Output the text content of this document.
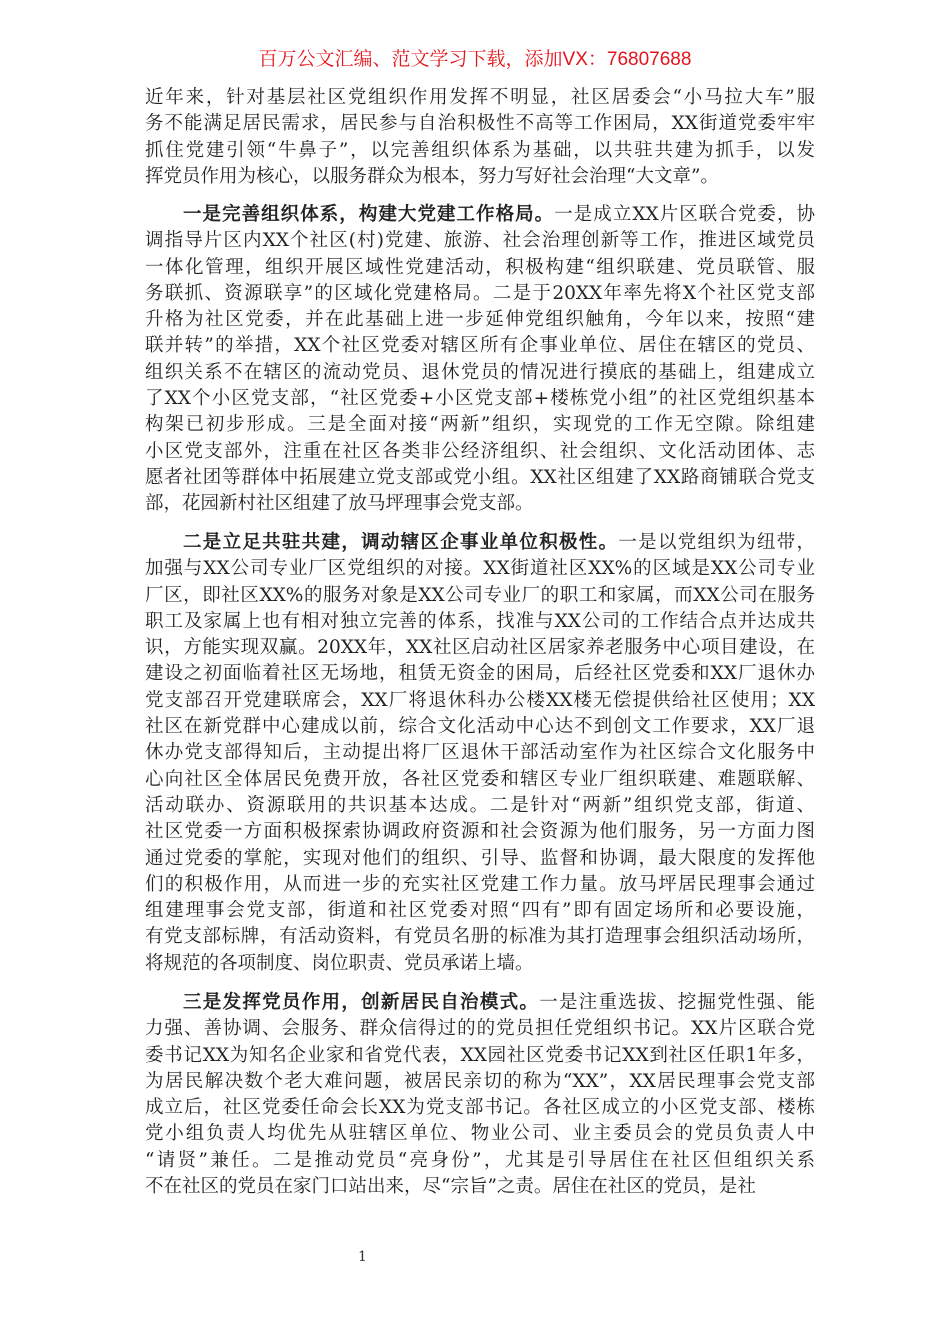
百万公文汇编、范文学习下载，添加VX：76807688
近年来，针对基层社区党组织作用发挥不明显，社区居委会“小马拉大车”服
务不能满足居民需求，居民参与自治积极性不高等工作困局，XX街道党委牢牢
抓住党建引领“牛鼻子”，以完善组织体系为基础，以共驻共建为抓手，以发
挥党员作用为核心，以服务群众为根本，努力写好社会治理“大文章”。
一是完善组织体系，构建大党建工作格局。一是成立XX片区联合党委，协
调指导片区内XX个社区(村)党建、旅游、社会治理创新等工作，推进区域党员
一体化管理，组织开展区域性党建活动，积极构建“组织联建、党员联管、服
务联抓、资源联享”的区域化党建格局。二是于20XX年率先将X个社区党支部
升格为社区党委，并在此基础上进一步延伸党组织触角，今年以来，按照“建
联并转”的举措，XX个社区党委对辖区所有企事业单位、居住在辖区的党员、
组织关系不在辖区的流动党员、退休党员的情况进行摸底的基础上，组建成立
了XX个小区党支部，“社区党委+小区党支部+楼栋党小组”的社区党组织基本
构架已初步形成。三是全面对接“两新”组织，实现党的工作无空隙。除组建
小区党支部外，注重在社区各类非公经济组织、社会组织、文化活动团体、志
愿者社团等群体中拓展建立党支部或党小组。XX社区组建了XX路商铺联合党支
部，花园新村社区组建了放马坪理事会党支部。
二是立足共驻共建，调动辖区企事业单位积极性。一是以党组织为纽带，
加强与XX公司专业厂区党组织的对接。XX街道社区XX%的区域是XX公司专业
厂区，即社区XX%的服务对象是XX公司专业厂的职工和家属，而XX公司在服务
职工及家属上也有相对独立完善的体系，找准与XX公司的工作结合点并达成共
识，方能实现双赢。20XX年，XX社区启动社区居家养老服务中心项目建设，在
建设之初面临着社区无场地，租赁无资金的困局，后经社区党委和XX厂退休办
党支部召开党建联席会，XX厂将退休科办公楼XX楼无偿提供给社区使用；XX
社区在新党群中心建成以前，综合文化活动中心达不到创文工作要求，XX厂退
休办党支部得知后，主动提出将厂区退休干部活动室作为社区综合文化服务中
心向社区全体居民免费开放，各社区党委和辖区专业厂组织联建、难题联解、
活动联办、资源联用的共识基本达成。二是针对“两新”组织党支部，街道、
社区党委一方面积极探索协调政府资源和社会资源为他们服务，另一方面力图
通过党委的掌舵，实现对他们的组织、引导、监督和协调，最大限度的发挥他
们的积极作用，从而进一步的充实社区党建工作力量。放马坪居民理事会通过
组建理事会党支部，街道和社区党委对照“四有”即有固定场所和必要设施，
有党支部标牌，有活动资料，有党员名册的标准为其打造理事会组织活动场所，
将规范的各项制度、岗位职责、党员承诺上墙。
三是发挥党员作用，创新居民自治模式。一是注重选拔、挖掘党性强、能
力强、善协调、会服务、群众信得过的的党员担任党组织书记。XX片区联合党
委书记XX为知名企业家和省党代表，XX园社区党委书记XX到社区任职1年多，
为居民解决数个老大难问题，被居民亲切的称为“XX”，XX居民理事会党支部
成立后，社区党委任命会长XX为党支部书记。各社区成立的小区党支部、楼栋
党小组负责人均优先从驻辖区单位、物业公司、业主委员会的党员负责人中
“请贤”兼任。二是推动党员“亮身份”，尤其是引导居住在社区但组织关系
不在社区的党员在家门口站出来，尽“宗旨”之责。居住在社区的党员，是社
1
